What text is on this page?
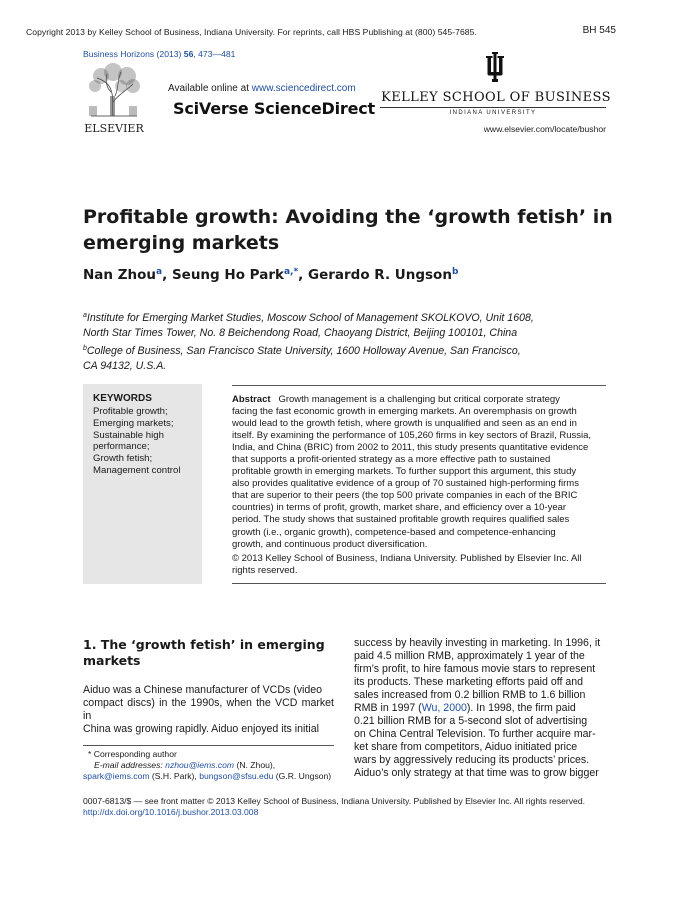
Copyright 2013 by Kelley School of Business, Indiana University. For reprints, call HBS Publishing at (800) 545-7685.	BH 545
Business Horizons (2013) 56, 473—481
ELSEVIER
Available online at www.sciencedirect.com
SciVerse ScienceDirect
KELLEY SCHOOL OF BUSINESS
INDIANA UNIVERSITY
www.elsevier.com/locate/bushor
Profitable growth: Avoiding the ‘growth fetish’ in emerging markets
Nan Zhou$^a$, Seung Ho Park$^{a,*}$, Gerardo R. Ungson$^b$
$^a$Institute for Emerging Market Studies, Moscow School of Management SKOLKOVO, Unit 1608,
North Star Times Tower, No. 8 Beichendong Road, Chaoyang District, Beijing 100101, China
$^b$College of Business, San Francisco State University, 1600 Holloway Avenue, San Francisco,
CA 94132, U.S.A.
KEYWORDS
Profitable growth;
Emerging markets;
Sustainable high
performance;
Growth fetish;
Management control
Abstract Growth management is a challenging but critical corporate strategy
facing the fast economic growth in emerging markets. An overemphasis on growth
would lead to the growth fetish, where growth is unqualified and seen as an end in
itself. By examining the performance of 105,260 firms in key sectors of Brazil, Russia,
India, and China (BRIC) from 2002 to 2011, this study presents quantitative evidence
that supports a profit-oriented strategy as a more effective path to sustained
profitable growth in emerging markets. To further support this argument, this study
also provides qualitative evidence of a group of 70 sustained high-performing firms
that are superior to their peers (the top 500 private companies in each of the BRIC
countries) in terms of profit, growth, market share, and efficiency over a 10-year
period. The study shows that sustained profitable growth requires qualified sales
growth (i.e., organic growth), competence-based and competence-enhancing
growth, and continuous product diversification.
© 2013 Kelley School of Business, Indiana University. Published by Elsevier Inc. All
rights reserved.
1. The ‘growth fetish’ in emerging
markets
Aiduo was a Chinese manufacturer of VCDs (video
compact discs) in the 1990s, when the VCD market in
China was growing rapidly. Aiduo enjoyed its initial
success by heavily investing in marketing. In 1996, it
paid 4.5 million RMB, approximately 1 year of the
firm’s profit, to hire famous movie stars to represent
its products. These marketing efforts paid off and
sales increased from 0.2 billion RMB to 1.6 billion
RMB in 1997 (Wu, 2000). In 1998, the firm paid
0.21 billion RMB for a 5-second slot of advertising
on China Central Television. To further acquire mar-
ket share from competitors, Aiduo initiated price
wars by aggressively reducing its products’ prices.
Aiduo’s only strategy at that time was to grow bigger
* Corresponding author
E-mail addresses: nzhou@iems.com (N. Zhou),
spark@iems.com (S.H. Park), bungson@sfsu.edu (G.R. Ungson)
0007-6813/$ — see front matter © 2013 Kelley School of Business, Indiana University. Published by Elsevier Inc. All rights reserved.
http://dx.doi.org/10.1016/j.bushor.2013.03.008
